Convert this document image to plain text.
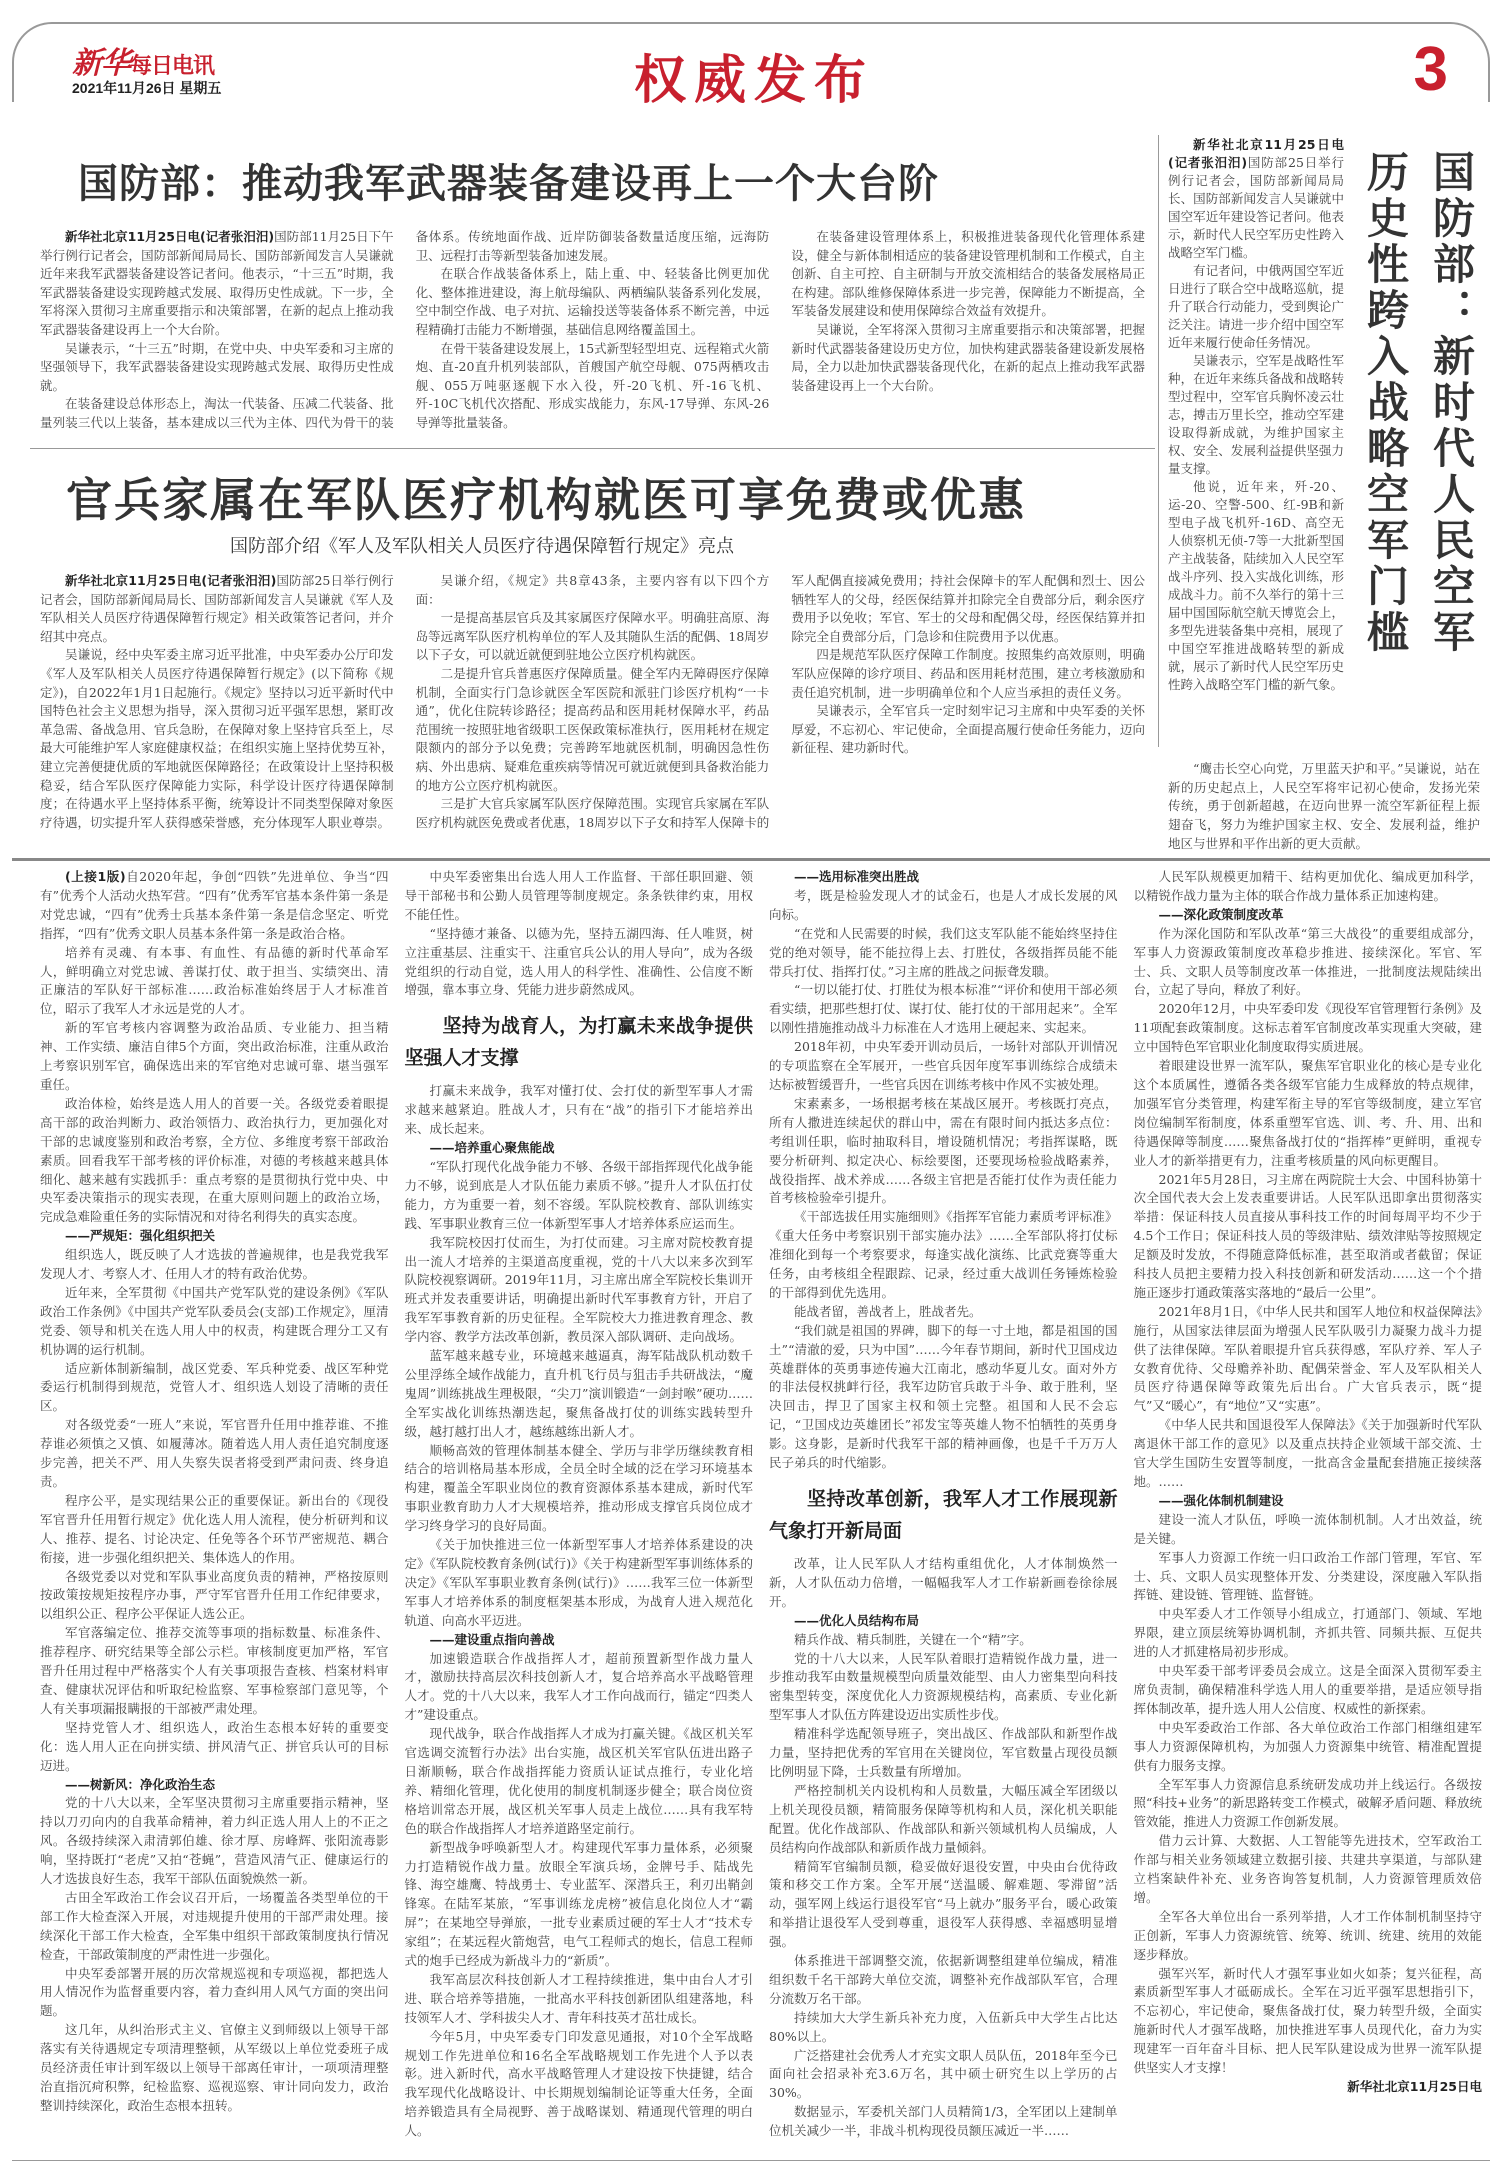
新华每日电讯
2021年11月26日 星期五	权威发布	3
国防部：推动我军武器装备建设再上一个大台阶

新华社北京11月25日电(记者张汨汨)国防部11月25日下午举行例行记者会，国防部新闻局局长、国防部新闻发言人吴谦就近年来我军武器装备建设答记者问。他表示，“十三五”时期，我军武器装备建设实现跨越式发展、取得历史性成就。下一步，全军将深入贯彻习主席重要指示和决策部署，在新的起点上推动我军武器装备建设再上一个大台阶。

吴谦表示，“十三五”时期，在党中央、中央军委和习主席的坚强领导下，我军武器装备建设实现跨越式发展、取得历史性成就。

在装备建设总体形态上，淘汰一代装备、压减二代装备、批量列装三代以上装备，基本建成以三代为主体、四代为骨干的装备体系。传统地面作战、近岸防御装备数量适度压缩，远海防卫、远程打击等新型装备加速发展。

在联合作战装备体系上，陆上重、中、轻装备比例更加优化、整体推进建设，海上航母编队、两栖编队装备系列化发展，空中制空作战、电子对抗、运输投送等装备体系不断完善，中远程精确打击能力不断增强，基础信息网络覆盖国土。

在骨干装备建设发展上，15式新型轻型坦克、远程箱式火箭炮、直-20直升机列装部队，首艘国产航空母舰、075两栖攻击舰、055万吨驱逐舰下水入役，歼-20飞机、歼-16飞机、歼-10C飞机代次搭配、形成实战能力，东风-17导弹、东风-26导弹等批量装备。

在装备建设管理体系上，积极推进装备现代化管理体系建设，健全与新体制相适应的装备建设管理机制和工作模式，自主创新、自主可控、自主研制与开放交流相结合的装备发展格局正在构建。部队维修保障体系进一步完善，保障能力不断提高，全军装备发展建设和使用保障综合效益有效提升。

吴谦说，全军将深入贯彻习主席重要指示和决策部署，把握新时代武器装备建设历史方位，加快构建武器装备建设新发展格局，全力以赴加快武器装备现代化，在新的起点上推动我军武器装备建设再上一个大台阶。

官兵家属在军队医疗机构就医可享免费或优惠
国防部介绍《军人及军队相关人员医疗待遇保障暂行规定》亮点

新华社北京11月25日电(记者张汨汨)国防部25日举行例行记者会，国防部新闻局局长、国防部新闻发言人吴谦就《军人及军队相关人员医疗待遇保障暂行规定》相关政策答记者问，并介绍其中亮点。

吴谦说，经中央军委主席习近平批准，中央军委办公厅印发《军人及军队相关人员医疗待遇保障暂行规定》(以下简称《规定》)，自2022年1月1日起施行。《规定》坚持以习近平新时代中国特色社会主义思想为指导，深入贯彻习近平强军思想，紧盯改革急需、备战急用、官兵急盼，在保障对象上坚持官兵至上，尽最大可能维护军人家庭健康权益；在组织实施上坚持优势互补，建立完善便捷优质的军地就医保障路径；在政策设计上坚持积极稳妥，结合军队医疗保障能力实际，科学设计医疗待遇保障制度；在待遇水平上坚持体系平衡，统筹设计不同类型保障对象医疗待遇，切实提升军人获得感荣誉感，充分体现军人职业尊崇。

吴谦介绍，《规定》共8章43条，主要内容有以下四个方面：

一是提高基层官兵及其家属医疗保障水平。明确驻高原、海岛等远离军队医疗机构单位的军人及其随队生活的配偶、18周岁以下子女，可以就近就便到驻地公立医疗机构就医。

二是提升官兵普惠医疗保障质量。健全军内无障碍医疗保障机制，全面实行门急诊就医全军医院和派驻门诊医疗机构“一卡通”，优化住院转诊路径；提高药品和医用耗材保障水平，药品范围统一按照驻地省级职工医保政策标准执行，医用耗材在规定限额内的部分予以免费；完善跨军地就医机制，明确因急性伤病、外出患病、疑难危重疾病等情况可就近就便到具备救治能力的地方公立医疗机构就医。

三是扩大官兵家属军队医疗保障范围。实现官兵家属在军队医疗机构就医免费或者优惠，18周岁以下子女和持军人保障卡的军人配偶直接减免费用；持社会保障卡的军人配偶和烈士、因公牺牲军人的父母，经医保结算并扣除完全自费部分后，剩余医疗费用予以免收；军官、军士的父母和配偶父母，经医保结算并扣除完全自费部分后，门急诊和住院费用予以优惠。

四是规范军队医疗保障工作制度。按照集约高效原则，明确军队应保障的诊疗项目、药品和医用耗材范围，建立考核激励和责任追究机制，进一步明确单位和个人应当承担的责任义务。

吴谦表示，全军官兵一定时刻牢记习主席和中央军委的关怀厚爱，不忘初心、牢记使命，全面提高履行使命任务能力，迈向新征程、建功新时代。

新华社北京11月25日电(记者张汨汨)国防部25日举行例行记者会，国防部新闻局局长、国防部新闻发言人吴谦就中国空军近年建设答记者问。他表示，新时代人民空军历史性跨入战略空军门槛。

有记者问，中俄两国空军近日进行了联合空中战略巡航，提升了联合行动能力，受到舆论广泛关注。请进一步介绍中国空军近年来履行使命任务情况。

吴谦表示，空军是战略性军种，在近年来练兵备战和战略转型过程中，空军官兵胸怀凌云壮志，搏击万里长空，推动空军建设取得新成就，为维护国家主权、安全、发展利益提供坚强力量支撑。

他说，近年来，歼-20、运-20、空警-500、红-9B和新型电子战飞机歼-16D、高空无人侦察机无侦-7等一大批新型国产主战装备，陆续加入人民空军战斗序列、投入实战化训练，形成战斗力。前不久举行的第十三届中国国际航空航天博览会上，多型先进装备集中亮相，展现了中国空军推进战略转型的新成就，展示了新时代人民空军历史性跨入战略空军门槛的新气象。

国防部：新时代人民空军
历史性跨入战略空军门槛

“鹰击长空心向党，万里蓝天护和平。”吴谦说，站在新的历史起点上，人民空军将牢记初心使命，发扬光荣传统，勇于创新超越，在迈向世界一流空军新征程上振翅奋飞，努力为维护国家主权、安全、发展利益，维护地区与世界和平作出新的更大贡献。

(上接1版)自2020年起，争创“四铁”先进单位、争当“四有”优秀个人活动火热军营。“四有”优秀军官基本条件第一条是对党忠诚，“四有”优秀士兵基本条件第一条是信念坚定、听党指挥，“四有”优秀文职人员基本条件第一条是政治合格。

培养有灵魂、有本事、有血性、有品德的新时代革命军人，鲜明确立对党忠诚、善谋打仗、敢于担当、实绩突出、清正廉洁的军队好干部标准……政治标准始终居于人才标准首位，昭示了我军人才永远是党的人才。

新的军官考核内容调整为政治品质、专业能力、担当精神、工作实绩、廉洁自律5个方面，突出政治标准，注重从政治上考察识别军官，确保选出来的军官绝对忠诚可靠、堪当强军重任。

政治体检，始终是选人用人的首要一关。各级党委着眼提高干部的政治判断力、政治领悟力、政治执行力，更加强化对干部的忠诚度鉴别和政治考察，全方位、多维度考察干部政治素质。回看我军干部考核的评价标准，对德的考核越来越具体细化、越来越有实践抓手：重点考察的是贯彻执行党中央、中央军委决策指示的现实表现，在重大原则问题上的政治立场，完成急难险重任务的实际情况和对待名利得失的真实态度。

——严规矩：强化组织把关

组织选人，既反映了人才选拔的普遍规律，也是我党我军发现人才、考察人才、任用人才的特有政治优势。

近年来，全军贯彻《中国共产党军队党的建设条例》《军队政治工作条例》《中国共产党军队委员会(支部)工作规定》，厘清党委、领导和机关在选人用人中的权责，构建既合理分工又有机协调的运行机制。

适应新体制新编制，战区党委、军兵种党委、战区军种党委运行机制得到规范，党管人才、组织选人划设了清晰的责任区。

对各级党委“一班人”来说，军官晋升任用中推荐谁、不推荐谁必须慎之又慎、如履薄冰。随着选人用人责任追究制度逐步完善，把关不严、用人失察失误者将受到严肃问责、终身追责。

程序公平，是实现结果公正的重要保证。新出台的《现役军官晋升任用暂行规定》优化选人用人流程，使分析研判和议人、推荐、提名、讨论决定、任免等各个环节严密规范、耦合衔接，进一步强化组织把关、集体选人的作用。

各级党委以对党和军队事业高度负责的精神，严格按原则按政策按规矩按程序办事，严守军官晋升任用工作纪律要求，以组织公正、程序公平保证人选公正。

军官落编定位、推荐交流等事项的指标数量、标准条件、推荐程序、研究结果等全部公示栏。审核制度更加严格，军官晋升任用过程中严格落实个人有关事项报告查核、档案材料审查、健康状况评估和听取纪检监察、军事检察部门意见等，个人有关事项漏报瞒报的干部被严肃处理。

坚持党管人才、组织选人，政治生态根本好转的重要变化：选人用人正在向拼实绩、拼风清气正、拼官兵认可的目标迈进。

——树新风：净化政治生态

党的十八大以来，全军坚决贯彻习主席重要指示精神，坚持以刀刃向内的自我革命精神，着力纠正选人用人上的不正之风。各级持续深入肃清郭伯雄、徐才厚、房峰辉、张阳流毒影响，坚持既打“老虎”又拍“苍蝇”，营造风清气正、健康运行的人才选拔良好生态，我军干部队伍面貌焕然一新。

古田全军政治工作会议召开后，一场覆盖各类型单位的干部工作大检查深入开展，对违规提升使用的干部严肃处理。接续深化干部工作大检查，全军集中组织干部政策制度执行情况检查，干部政策制度的严肃性进一步强化。

中央军委部署开展的历次常规巡视和专项巡视，都把选人用人情况作为监督重要内容，着力查纠用人风气方面的突出问题。

这几年，从纠治形式主义、官僚主义到师级以上领导干部落实有关待遇规定专项清理整顿，从军级以上单位党委班子成员经济责任审计到军级以上领导干部离任审计，一项项清理整治直指沉疴积弊，纪检监察、巡视巡察、审计同向发力，政治整训持续深化，政治生态根本扭转。

中央军委密集出台选人用人工作监督、干部任职回避、领导干部秘书和公勤人员管理等制度规定。条条铁律约束，用权不能任性。

“坚持德才兼备、以德为先，坚持五湖四海、任人唯贤，树立注重基层、注重实干、注重官兵公认的用人导向”，成为各级党组织的行动自觉，选人用人的科学性、准确性、公信度不断增强，靠本事立身、凭能力进步蔚然成风。

坚持为战育人，为打赢未来战争提供坚强人才支撑

打赢未来战争，我军对懂打仗、会打仗的新型军事人才需求越来越紧迫。胜战人才，只有在“战”的指引下才能培养出来、成长起来。

——培养重心聚焦能战

“军队打现代化战争能力不够、各级干部指挥现代化战争能力不够，说到底是人才队伍能力素质不够。”提升人才队伍打仗能力，方为重要一着，刻不容缓。军队院校教育、部队训练实践、军事职业教育三位一体新型军事人才培养体系应运而生。

我军院校因打仗而生，为打仗而建。习主席对院校教育提出一流人才培养的主渠道高度重视，党的十八大以来多次到军队院校视察调研。2019年11月，习主席出席全军院校长集训开班式并发表重要讲话，明确提出新时代军事教育方针，开启了我军军事教育新的历史征程。全军院校大力推进教育理念、教学内容、教学方法改革创新，教员深入部队调研、走向战场。

蓝军越来越专业，环境越来越逼真，海军陆战队机动数千公里浮练全域作战能力，直升机飞行员与狙击手共研战法，“魔鬼周”训练挑战生理极限，“尖刀”演训锻造“一剑封喉”硬功……全军实战化训练热潮迭起，聚焦备战打仗的训练实践转型升级，越打越打出人才，越练越练出新人才。

顺畅高效的管理体制基本健全、学历与非学历继续教育相结合的培训格局基本形成，全员全时全域的泛在学习环境基本构建，覆盖全军职业岗位的教育资源体系基本建成，新时代军事职业教育助力人才大规模培养，推动形成支撑官兵岗位成才学习终身学习的良好局面。

《关于加快推进三位一体新型军事人才培养体系建设的决定》《军队院校教育条例(试行)》《关于构建新型军事训练体系的决定》《军队军事职业教育条例(试行)》……我军三位一体新型军事人才培养体系的制度框架基本形成，为战育人进入规范化轨道、向高水平迈进。

——建设重点指向善战

加速锻造联合作战指挥人才，超前预置新型作战力量人才，激励扶持高层次科技创新人才，复合培养高水平战略管理人才。党的十八大以来，我军人才工作向战而行，锚定“四类人才”建设重点。

现代战争，联合作战指挥人才成为打赢关键。《战区机关军官选调交流暂行办法》出台实施，战区机关军官队伍进出路子日渐顺畅，联合作战指挥能力资质认证试点推行，专业化培养、精细化管理，优化使用的制度机制逐步健全；联合岗位资格培训常态开展，战区机关军事人员走上战位……具有我军特色的联合作战指挥人才培养道路坚定前行。

新型战争呼唤新型人才。构建现代军事力量体系，必须聚力打造精锐作战力量。放眼全军演兵场，金牌号手、陆战先锋、海空雄鹰、特战勇士、专业蓝军、深潜兵王，利刃出鞘剑锋寒。在陆军某旅，“军事训练龙虎榜”被信息化岗位人才“霸屏”；在某地空导弹旅，一批专业素质过硬的军士人才“技术专家组”；在某远程火箭炮营，电气工程师式的炮长，信息工程师式的炮手已经成为新战斗力的“新质”。

我军高层次科技创新人才工程持续推进，集中由台人才引进、联合培养等措施，一批高水平科技创新团队组建落地，科技领军人才、学科拔尖人才、青年科技英才茁壮成长。

今年5月，中央军委专门印发意见通报，对10个全军战略规划工作先进单位和16名全军战略规划工作先进个人予以表彰。进入新时代，高水平战略管理人才建设按下快捷键，结合我军现代化战略设计、中长期规划编制论证等重大任务，全面培养锻造具有全局视野、善于战略谋划、精通现代管理的明白人。

——选用标准突出胜战

考，既是检验发现人才的试金石，也是人才成长发展的风向标。

“在党和人民需要的时候，我们这支军队能不能始终坚持住党的绝对领导，能不能拉得上去、打胜仗，各级指挥员能不能带兵打仗、指挥打仗。”习主席的胜战之问振聋发聩。

“一切以能打仗、打胜仗为根本标准”“评价和使用干部必须看实绩，把那些想打仗、谋打仗、能打仗的干部用起来”。全军以刚性措施推动战斗力标准在人才选用上硬起来、实起来。

2018年初，中央军委开训动员后，一场针对部队开训情况的专项监察在全军展开，一些官兵因年度军事训练综合成绩未达标被暂缓晋升，一些官兵因在训练考核中作风不实被处理。

宋素素多，一场根据考核在某战区展开。考核既打亮点，所有人撒进连续起伏的群山中，需在有限时间内抵达多点位：考组训任职，临时抽取科目，增设随机情况；考指挥谋略，既要分析研判、拟定决心、标绘要图，还要现场检验战略素养，战役指挥、战术养成……各级主官把是否能打仗作为责任能力首考核检验牵引提升。

《干部选拔任用实施细则》《指挥军官能力素质考评标准》《重大任务中考察识别干部实施办法》……全军部队将打仗标准细化到每一个考察要求，每逢实战化演练、比武竞赛等重大任务，由考核组全程跟踪、记录，经过重大战训任务锤炼检验的干部得到优先选用。

能战者留，善战者上，胜战者先。

“我们就是祖国的界碑，脚下的每一寸土地，都是祖国的国土”“清澈的爱，只为中国”……今年春节期间，新时代卫国戍边英雄群体的英勇事迹传遍大江南北，感动华夏儿女。面对外方的非法侵权挑衅行径，我军边防官兵敢于斗争、敢于胜利，坚决回击，捍卫了国家主权和领土完整。祖国和人民不会忘记，“卫国戍边英雄团长”祁发宝等英雄人物不怕牺牲的英勇身影。这身影，是新时代我军干部的精神画像，也是千千万万人民子弟兵的时代缩影。

坚持改革创新，我军人才工作展现新气象打开新局面

改革，让人民军队人才结构重组优化，人才体制焕然一新，人才队伍动力倍增，一幅幅我军人才工作崭新画卷徐徐展开。

——优化人员结构布局

精兵作战、精兵制胜，关键在一个“精”字。

党的十八大以来，人民军队着眼打造精锐作战力量，进一步推动我军由数量规模型向质量效能型、由人力密集型向科技密集型转变，深度优化人力资源规模结构，高素质、专业化新型军事人才队伍方阵建设迈出实质性步伐。

精准科学选配领导班子，突出战区、作战部队和新型作战力量，坚持把优秀的军官用在关键岗位，军官数量占现役员额比例明显下降，士兵数量有所增加。

严格控制机关内设机构和人员数量，大幅压减全军团级以上机关现役员额，精简服务保障等机构和人员，深化机关职能配置。优化作战部队、作战部队和新兴领域机构人员编成，人员结构向作战部队和新质作战力量倾斜。

精简军官编制员额，稳妥做好退役安置，中央由台优待政策和移交工作方案。全军开展“送温暖、解难题、零滞留”活动，强军网上线运行退役军官“马上就办”服务平台，暖心政策和举措让退役军人受到尊重，退役军人获得感、幸福感明显增强。

体系推进干部调整交流，依据新调整组建单位编成，精准组织数千名干部跨大单位交流，调整补充作战部队军官，合理分流数万名干部。

持续加大大学生新兵补充力度，入伍新兵中大学生占比达80%以上。

广泛搭建社会优秀人才充实文职人员队伍，2018年至今已面向社会招录补充3.6万名，其中硕士研究生以上学历的占30%。

数据显示，军委机关部门人员精简1/3，全军团以上建制单位机关减少一半，非战斗机构现役员额压减近一半……

人民军队规模更加精干、结构更加优化、编成更加科学，以精锐作战力量为主体的联合作战力量体系正加速构建。

——深化政策制度改革

作为深化国防和军队改革“第三大战役”的重要组成部分，军事人力资源政策制度改革稳步推进、接续深化。军官、军士、兵、文职人员等制度改革一体推进，一批制度法规陆续出台，立起了导向，释放了利好。

2020年12月，中央军委印发《现役军官管理暂行条例》及11项配套政策制度。这标志着军官制度改革实现重大突破，建立中国特色军官职业化制度取得实质进展。

着眼建设世界一流军队，聚焦军官职业化的核心是专业化这个本质属性，遵循各类各级军官能力生成释放的特点规律，加强军官分类管理，构建军衔主导的军官等级制度，建立军官岗位编制军衔制度，体系重塑军官选、训、考、升、用、出和待遇保障等制度……聚焦备战打仗的“指挥棒”更鲜明，重视专业人才的新举措更有力，注重考核质量的风向标更醒目。

2021年5月28日，习主席在两院院士大会、中国科协第十次全国代表大会上发表重要讲话。人民军队迅即拿出贯彻落实举措：保证科技人员直接从事科技工作的时间每周平均不少于4.5个工作日；保证科技人员的等级津贴、绩效津贴等按照规定足额及时发放，不得随意降低标准，甚至取消或者截留；保证科技人员把主要精力投入科技创新和研发活动……这一个个措施正逐步打通政策落实落地的“最后一公里”。

2021年8月1日，《中华人民共和国军人地位和权益保障法》施行，从国家法律层面为增强人民军队吸引力凝聚力战斗力提供了法律保障。军队着眼提升官兵获得感，军队疗养、军人子女教育优待、父母赡养补助、配偶荣誉金、军人及军队相关人员医疗待遇保障等政策先后出台。广大官兵表示，既“提气”又“暖心”，有“地位”又“实惠”。

《中华人民共和国退役军人保障法》《关于加强新时代军队离退休干部工作的意见》以及重点扶持企业领域干部交流、士官大学生国防生安置等制度，一批高含金量配套措施正接续落地。……

——强化体制机制建设

建设一流人才队伍，呼唤一流体制机制。人才出效益，统是关键。

军事人力资源工作统一归口政治工作部门管理，军官、军士、兵、文职人员实现整体开发、分类建设，深度融入军队指挥链、建设链、管理链、监督链。

中央军委人才工作领导小组成立，打通部门、领域、军地界限，建立顶层统筹协调机制，齐抓共管、同频共振、互促共进的人才抓建格局初步形成。

中央军委干部考评委员会成立。这是全面深入贯彻军委主席负责制，确保精准科学选人用人的重要举措，是适应领导指挥体制改革，提升选人用人公信度、权威性的新探索。

中央军委政治工作部、各大单位政治工作部门相继组建军事人力资源保障机构，为加强人力资源集中统管、精准配置提供有力服务支撑。

全军军事人力资源信息系统研发成功并上线运行。各级按照“科技+业务”的新思路转变工作模式，破解矛盾问题、释放统管效能，推进人力资源工作创新发展。

借力云计算、大数据、人工智能等先进技术，空军政治工作部与相关业务领域建立数据引接、共建共享渠道，与部队建立档案缺件补充、业务咨询答复机制，人力资源管理质效倍增。

全军各大单位出台一系列举措，人才工作体制机制坚持守正创新，军事人力资源统管、统筹、统训、统建、统用的效能逐步释放。

强军兴军，新时代人才强军事业如火如荼；复兴征程，高素质新型军事人才砥砺成长。全军在习近平强军思想指引下，不忘初心，牢记使命，聚焦备战打仗，聚力转型升级，全面实施新时代人才强军战略，加快推进军事人员现代化，奋力为实现建军一百年奋斗目标、把人民军队建设成为世界一流军队提供坚实人才支撑！

新华社北京11月25日电
